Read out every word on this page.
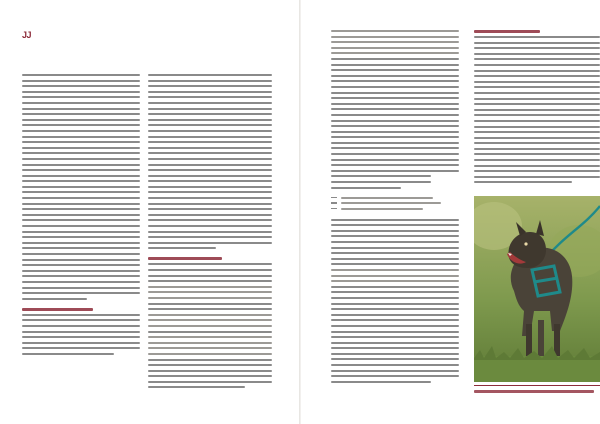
JJ
